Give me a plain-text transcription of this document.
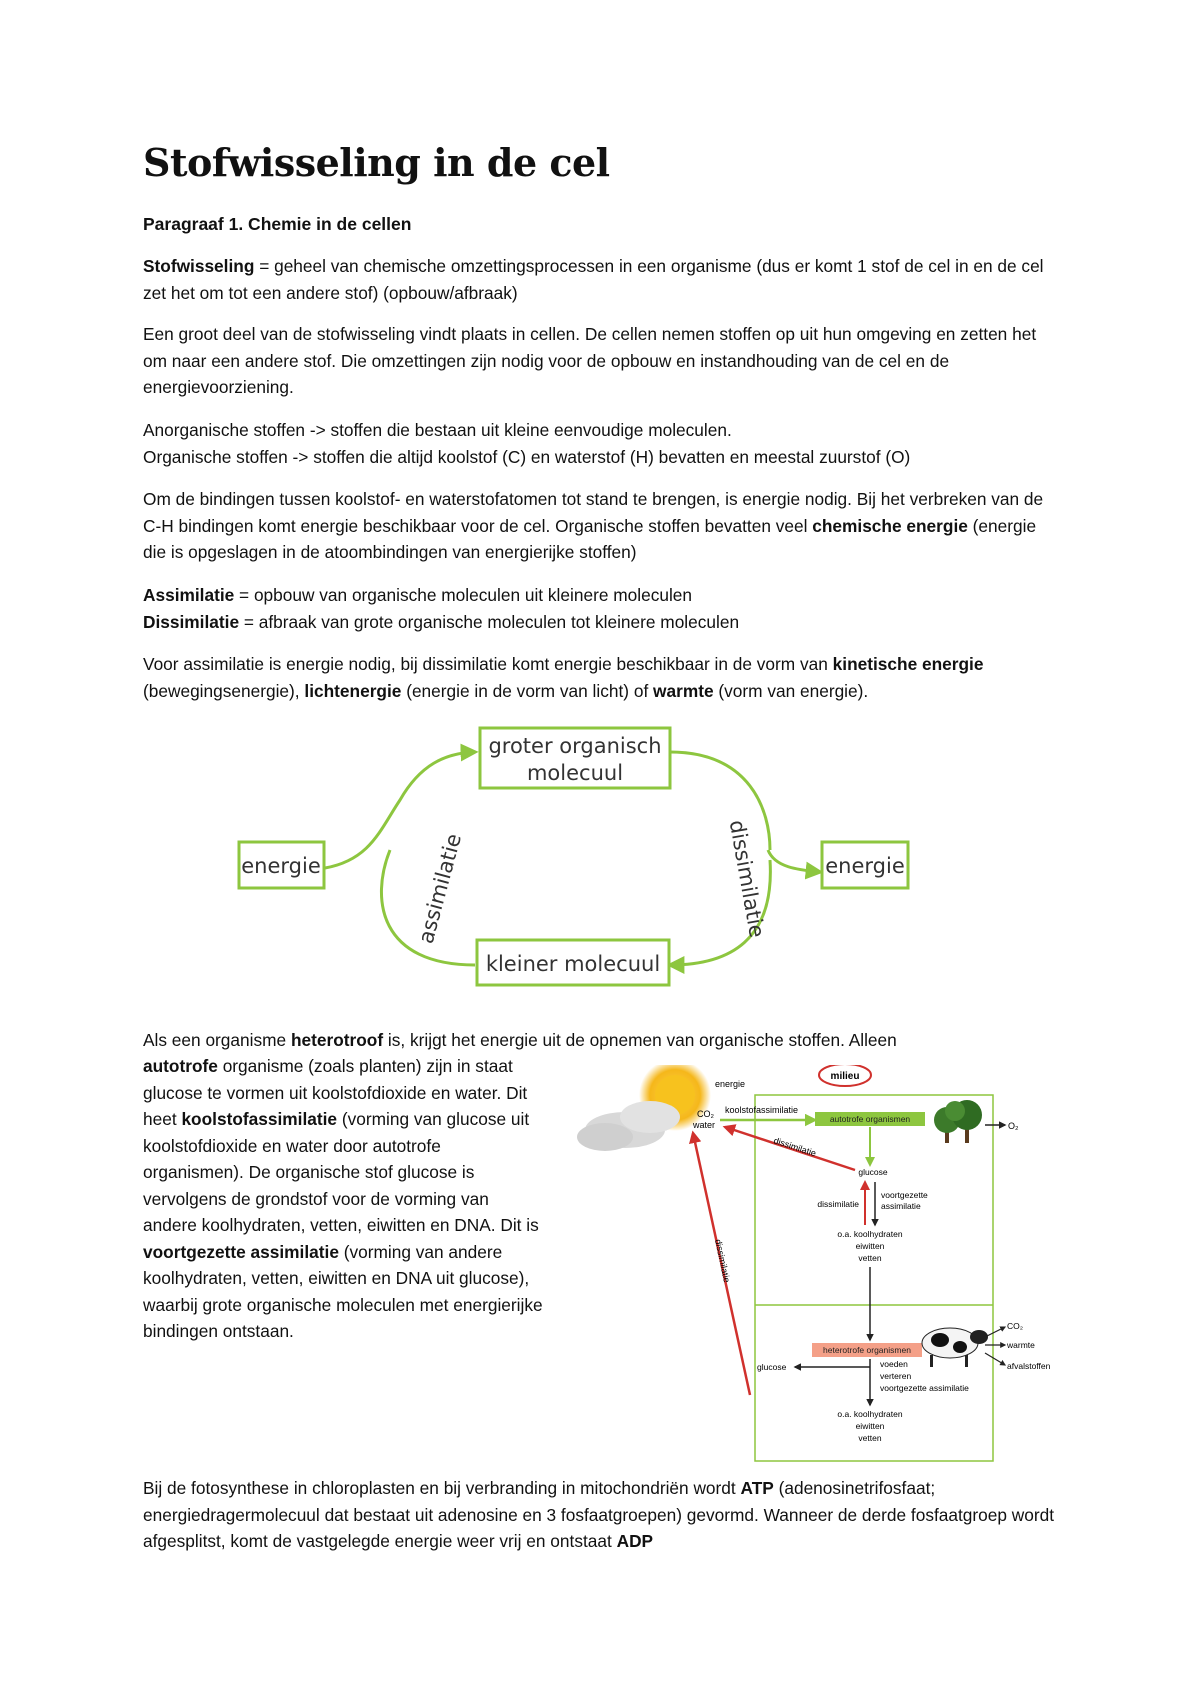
Stofwisseling in de cel
Paragraaf 1. Chemie in de cellen

Stofwisseling = geheel van chemische omzettingsprocessen in een organisme (dus er komt 1 stof de cel in en de cel zet het om tot een andere stof) (opbouw/afbraak)

Een groot deel van de stofwisseling vindt plaats in cellen. De cellen nemen stoffen op uit hun omgeving en zetten het om naar een andere stof. Die omzettingen zijn nodig voor de opbouw en instandhouding van de cel en de energievoorziening.

Anorganische stoffen -> stoffen die bestaan uit kleine eenvoudige moleculen.
Organische stoffen -> stoffen die altijd koolstof (C) en waterstof (H) bevatten en meestal zuurstof (O)

Om de bindingen tussen koolstof- en waterstofatomen tot stand te brengen, is energie nodig. Bij het verbreken van de C-H bindingen komt energie beschikbaar voor de cel. Organische stoffen bevatten veel chemische energie (energie die is opgeslagen in de atoombindingen van energierijke stoffen)

Assimilatie = opbouw van organische moleculen uit kleinere moleculen
Dissimilatie = afbraak van grote organische moleculen tot kleinere moleculen

Voor assimilatie is energie nodig, bij dissimilatie komt energie beschikbaar in de vorm van kinetische energie (bewegingsenergie), lichtenergie (energie in de vorm van licht) of warmte (vorm van energie).

Als een organisme heterotroof is, krijgt het energie uit de opnemen van organische stoffen. Alleen

autotrofe organisme (zoals planten) zijn in staat glucose te vormen uit koolstofdioxide en water. Dit heet koolstofassimilatie (vorming van glucose uit koolstofdioxide en water door autotrofe organismen). De organische stof glucose is vervolgens de grondstof voor de vorming van andere koolhydraten, vetten, eiwitten en DNA. Dit is voortgezette assimilatie (vorming van andere koolhydraten, vetten, eiwitten en DNA uit glucose), waarbij grote organische moleculen met energierijke bindingen ontstaan.

Bij de fotosynthese in chloroplasten en bij verbranding in mitochondriën wordt ATP (adenosinetrifosfaat; energiedragermolecuul dat bestaat uit adenosine en 3 fosfaatgroepen) gevormd. Wanneer de derde fosfaatgroep wordt afgesplitst, komt de vastgelegde energie weer vrij en ontstaat ADP

groter organisch
molecuul
kleiner molecuul
energie	energie
assimilatie	dissimilatie
milieu
energie
CO₂
water
koolstofassimilatie
autotrofe organismen
O₂
glucose
dissimilatie
dissimilatie
voortgezette
assimilatie
o.a. koolhydraten
eiwitten
vetten
dissimilatie
heterotrofe organismen
CO₂
warmte
afvalstoffen
glucose	voeden
verteren
voortgezette assimilatie
o.a. koolhydraten
eiwitten
vetten
